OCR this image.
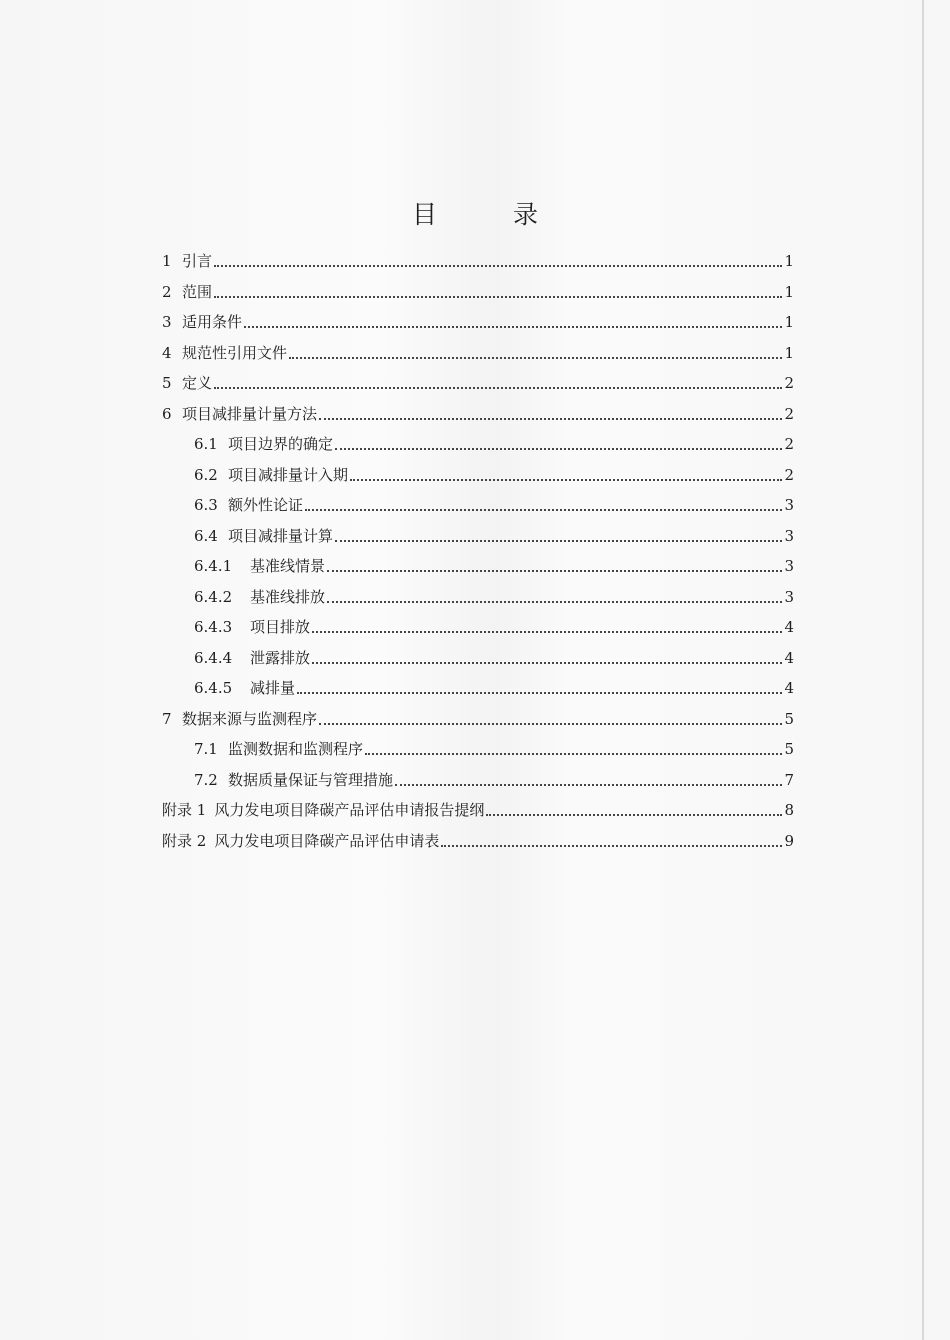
目 录
1 引言	1
2 范围	1
3 适用条件	1
4 规范性引用文件	1
5 定义	2
6 项目减排量计量方法	2
6.1 项目边界的确定	2
6.2 项目减排量计入期	2
6.3 额外性论证	3
6.4 项目减排量计算	3
6.4.1	基准线情景	3
6.4.2	基准线排放	3
6.4.3	项目排放	4
6.4.4	泄露排放	4
6.4.5	减排量	4
7 数据来源与监测程序	5
7.1 监测数据和监测程序	5
7.2 数据质量保证与管理措施	7
附录 1 风力发电项目降碳产品评估申请报告提纲	8
附录 2 风力发电项目降碳产品评估申请表	9
